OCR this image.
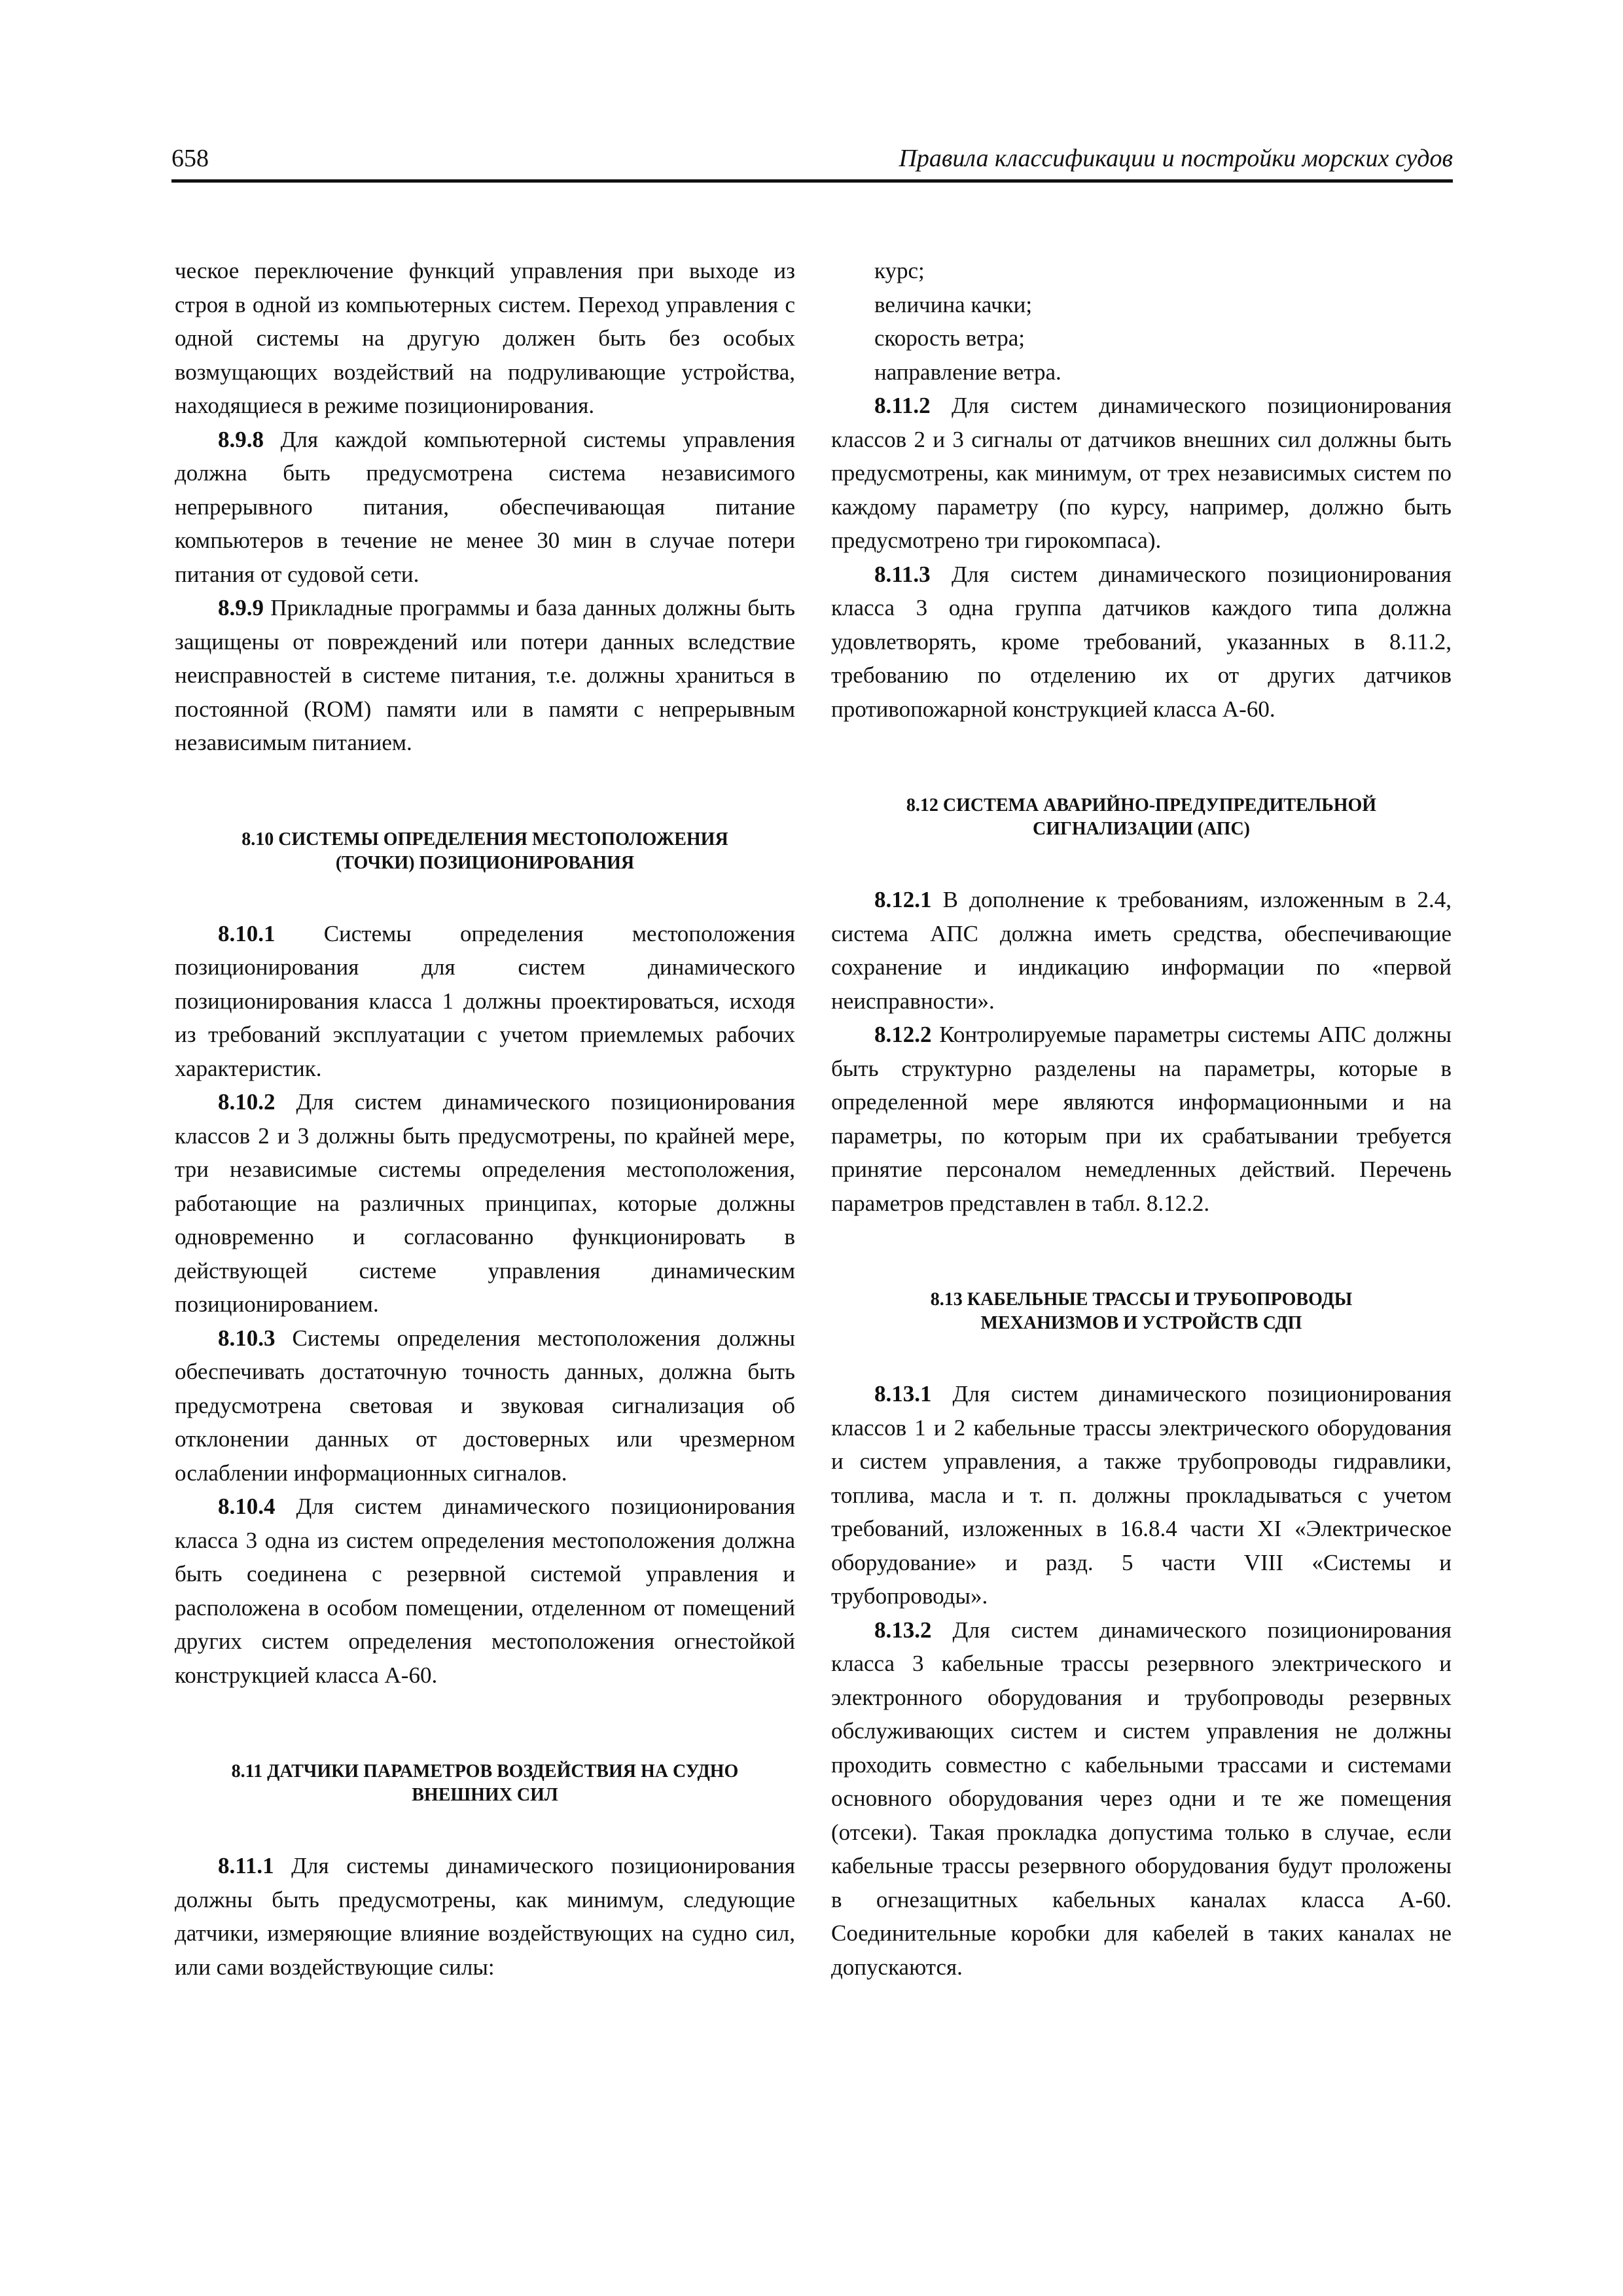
658	Правила классификации и постройки морских судов

ческое переключение функций управления при выходе из строя в одной из компьютерных систем. Переход управления с одной системы на другую должен быть без особых возмущающих воздействий на подруливающие устройства, находящиеся в режиме позиционирования.

8.9.8 Для каждой компьютерной системы управления должна быть предусмотрена система независимого непрерывного питания, обеспечивающая питание компьютеров в течение не менее 30 мин в случае потери питания от судовой сети.

8.9.9 Прикладные программы и база данных должны быть защищены от повреждений или потери данных вследствие неисправностей в системе питания, т.е. должны храниться в постоянной (ROM) памяти или в памяти с непрерывным независимым питанием.

8.10 СИСТЕМЫ ОПРЕДЕЛЕНИЯ МЕСТОПОЛОЖЕНИЯ
(ТОЧКИ) ПОЗИЦИОНИРОВАНИЯ

8.10.1 Системы определения местоположения позиционирования для систем динамического позиционирования класса 1 должны проектироваться, исходя из требований эксплуатации с учетом приемлемых рабочих характеристик.

8.10.2 Для систем динамического позиционирования классов 2 и 3 должны быть предусмотрены, по крайней мере, три независимые системы определения местоположения, работающие на различных принципах, которые должны одновременно и согласованно функционировать в действующей системе управления динамическим позиционированием.

8.10.3 Системы определения местоположения должны обеспечивать достаточную точность данных, должна быть предусмотрена световая и звуковая сигнализация об отклонении данных от достоверных или чрезмерном ослаблении информационных сигналов.

8.10.4 Для систем динамического позиционирования класса 3 одна из систем определения местоположения должна быть соединена с резервной системой управления и расположена в особом помещении, отделенном от помещений других систем определения местоположения огнестойкой конструкцией класса А-60.

8.11 ДАТЧИКИ ПАРАМЕТРОВ ВОЗДЕЙСТВИЯ НА СУДНО
ВНЕШНИХ СИЛ

8.11.1 Для системы динамического позиционирования должны быть предусмотрены, как минимум, следующие датчики, измеряющие влияние воздействующих на судно сил, или сами воздействующие силы:

курс;

величина качки;

скорость ветра;

направление ветра.

8.11.2 Для систем динамического позиционирования классов 2 и 3 сигналы от датчиков внешних сил должны быть предусмотрены, как минимум, от трех независимых систем по каждому параметру (по курсу, например, должно быть предусмотрено три гирокомпаса).

8.11.3 Для систем динамического позиционирования класса 3 одна группа датчиков каждого типа должна удовлетворять, кроме требований, указанных в 8.11.2, требованию по отделению их от других датчиков противопожарной конструкцией класса А-60.

8.12 СИСТЕМА АВАРИЙНО-ПРЕДУПРЕДИТЕЛЬНОЙ
СИГНАЛИЗАЦИИ (АПС)

8.12.1 В дополнение к требованиям, изложенным в 2.4, система АПС должна иметь средства, обеспечивающие сохранение и индикацию информации по «первой неисправности».

8.12.2 Контролируемые параметры системы АПС должны быть структурно разделены на параметры, которые в определенной мере являются информационными и на параметры, по которым при их срабатывании требуется принятие персоналом немедленных действий. Перечень параметров представлен в табл. 8.12.2.

8.13 КАБЕЛЬНЫЕ ТРАССЫ И ТРУБОПРОВОДЫ
МЕХАНИЗМОВ И УСТРОЙСТВ СДП

8.13.1 Для систем динамического позиционирования классов 1 и 2 кабельные трассы электрического оборудования и систем управления, а также трубопроводы гидравлики, топлива, масла и т. п. должны прокладываться с учетом требований, изложенных в 16.8.4 части XI «Электрическое оборудование» и разд. 5 части VIII «Системы и трубопроводы».

8.13.2 Для систем динамического позиционирования класса 3 кабельные трассы резервного электрического и электронного оборудования и трубопроводы резервных обслуживающих систем и систем управления не должны проходить совместно с кабельными трассами и системами основного оборудования через одни и те же помещения (отсеки). Такая прокладка допустима только в случае, если кабельные трассы резервного оборудования будут проложены в огнезащитных кабельных каналах класса А-60. Соединительные коробки для кабелей в таких каналах не допускаются.
